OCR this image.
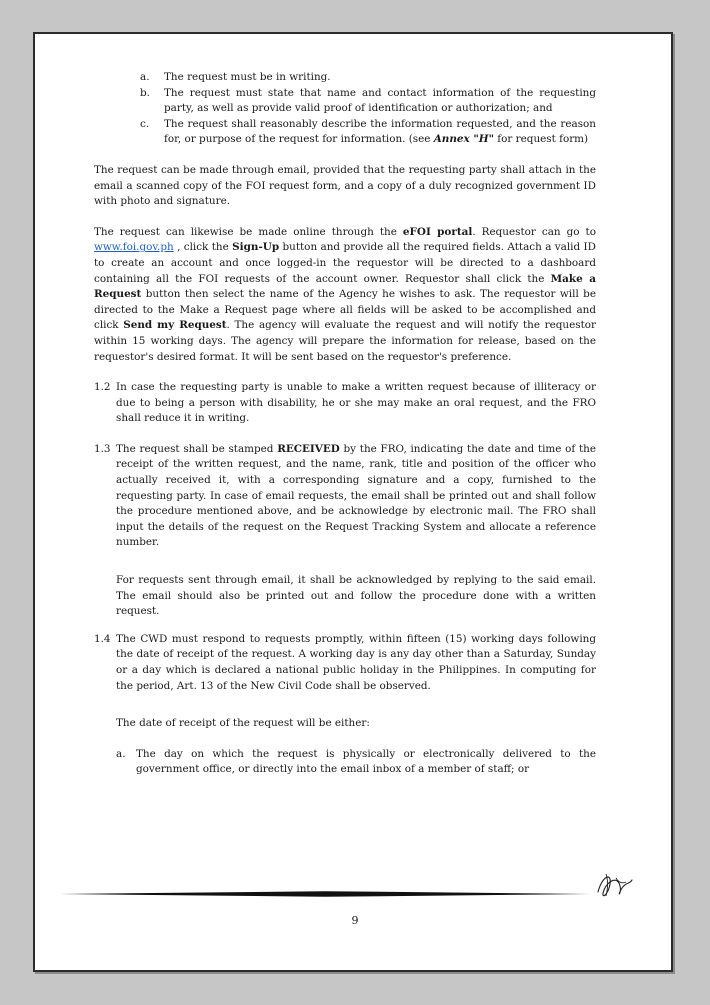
a.	The request must be in writing.
b.	The request must state that name and contact information of the requesting party, as well as provide valid proof of identification or authorization; and
c.	The request shall reasonably describe the information requested, and the reason for, or purpose of the request for information. (see Annex "H" for request form)

The request can be made through email, provided that the requesting party shall attach in the email a scanned copy of the FOI request form, and a copy of a duly recognized government ID with photo and signature.

The request can likewise be made online through the eFOI portal. Requestor can go to www.foi.gov.ph , click the Sign-Up button and provide all the required fields. Attach a valid ID to create an account and once logged-in the requestor will be directed to a dashboard containing all the FOI requests of the account owner. Requestor shall click the Make a Request button then select the name of the Agency he wishes to ask. The requestor will be directed to the Make a Request page where all fields will be asked to be accomplished and click Send my Request. The agency will evaluate the request and will notify the requestor within 15 working days. The agency will prepare the information for release, based on the requestor's desired format. It will be sent based on the requestor's preference.

1.2 In case the requesting party is unable to make a written request because of illiteracy or due to being a person with disability, he or she may make an oral request, and the FRO shall reduce it in writing.
1.3 The request shall be stamped RECEIVED by the FRO, indicating the date and time of the receipt of the written request, and the name, rank, title and position of the officer who actually received it, with a corresponding signature and a copy, furnished to the requesting party. In case of email requests, the email shall be printed out and shall follow the procedure mentioned above, and be acknowledge by electronic mail. The FRO shall input the details of the request on the Request Tracking System and allocate a reference number.

For requests sent through email, it shall be acknowledged by replying to the said email. The email should also be printed out and follow the procedure done with a written request.

1.4 The CWD must respond to requests promptly, within fifteen (15) working days following the date of receipt of the request. A working day is any day other than a Saturday, Sunday or a day which is declared a national public holiday in the Philippines. In computing for the period, Art. 13 of the New Civil Code shall be observed.

The date of receipt of the request will be either:

a.	The day on which the request is physically or electronically delivered to the government office, or directly into the email inbox of a member of staff; or
9
